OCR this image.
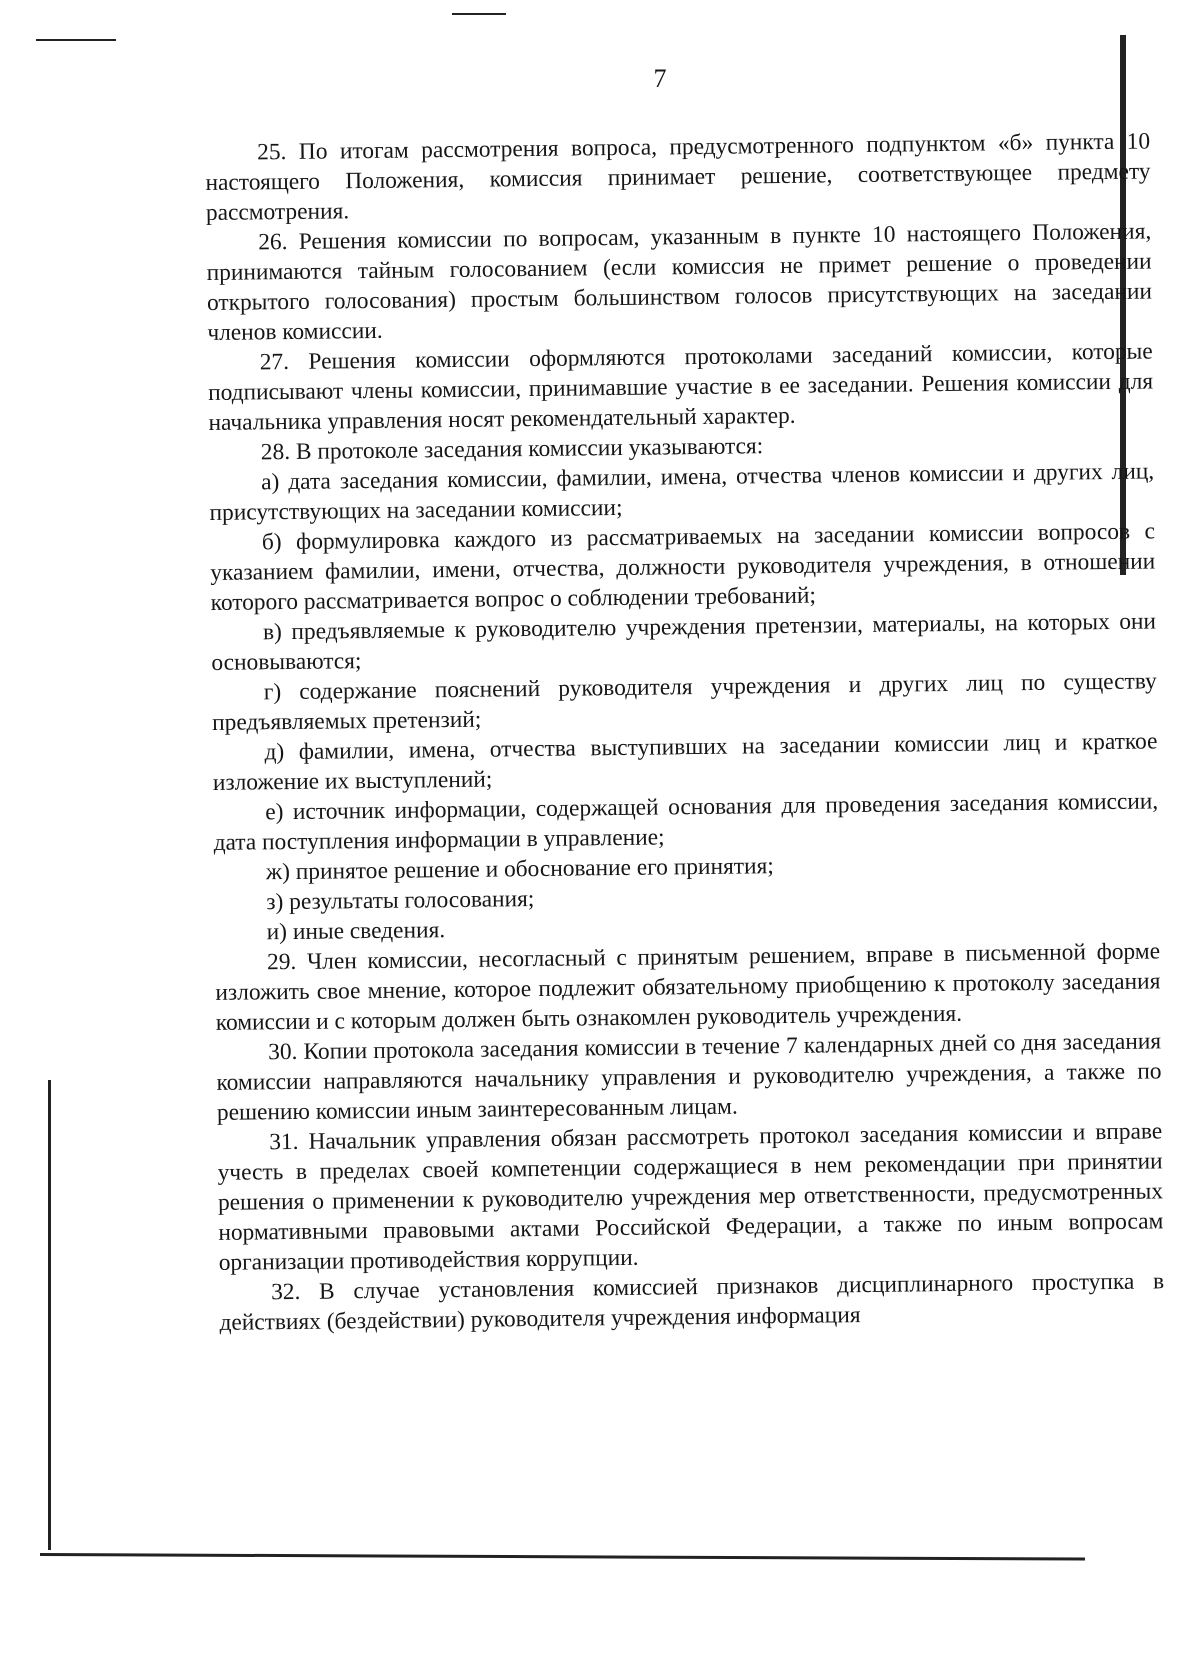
7

25. По итогам рассмотрения вопроса, предусмотренного подпунктом «б» пункта 10 настоящего Положения, комиссия принимает решение, соответствующее предмету рассмотрения.

26. Решения комиссии по вопросам, указанным в пункте 10 настоящего Положения, принимаются тайным голосованием (если комиссия не примет решение о проведении открытого голосования) простым большинством голосов присутствующих на заседании членов комиссии.

27. Решения комиссии оформляются протоколами заседаний комиссии, которые подписывают члены комиссии, принимавшие участие в ее заседании. Решения комиссии для начальника управления носят рекомендательный характер.

28. В протоколе заседания комиссии указываются:

а) дата заседания комиссии, фамилии, имена, отчества членов комиссии и других лиц, присутствующих на заседании комиссии;

б) формулировка каждого из рассматриваемых на заседании комиссии вопросов с указанием фамилии, имени, отчества, должности руководителя учреждения, в отношении которого рассматривается вопрос о соблюдении требований;

в) предъявляемые к руководителю учреждения претензии, материалы, на которых они основываются;

г) содержание пояснений руководителя учреждения и других лиц по существу предъявляемых претензий;

д) фамилии, имена, отчества выступивших на заседании комиссии лиц и краткое изложение их выступлений;

е) источник информации, содержащей основания для проведения заседания комиссии, дата поступления информации в управление;

ж) принятое решение и обоснование его принятия;

з) результаты голосования;

и) иные сведения.

29. Член комиссии, несогласный с принятым решением, вправе в письменной форме изложить свое мнение, которое подлежит обязательному приобщению к протоколу заседания комиссии и с которым должен быть ознакомлен руководитель учреждения.

30. Копии протокола заседания комиссии в течение 7 календарных дней со дня заседания комиссии направляются начальнику управления и руководителю учреждения, а также по решению комиссии иным заинтересованным лицам.

31. Начальник управления обязан рассмотреть протокол заседания комиссии и вправе учесть в пределах своей компетенции содержащиеся в нем рекомендации при принятии решения о применении к руководителю учреждения мер ответственности, предусмотренных нормативными правовыми актами Российской Федерации, а также по иным вопросам организации противодействия коррупции.

32. В случае установления комиссией признаков дисциплинарного проступка в действиях (бездействии) руководителя учреждения информация
